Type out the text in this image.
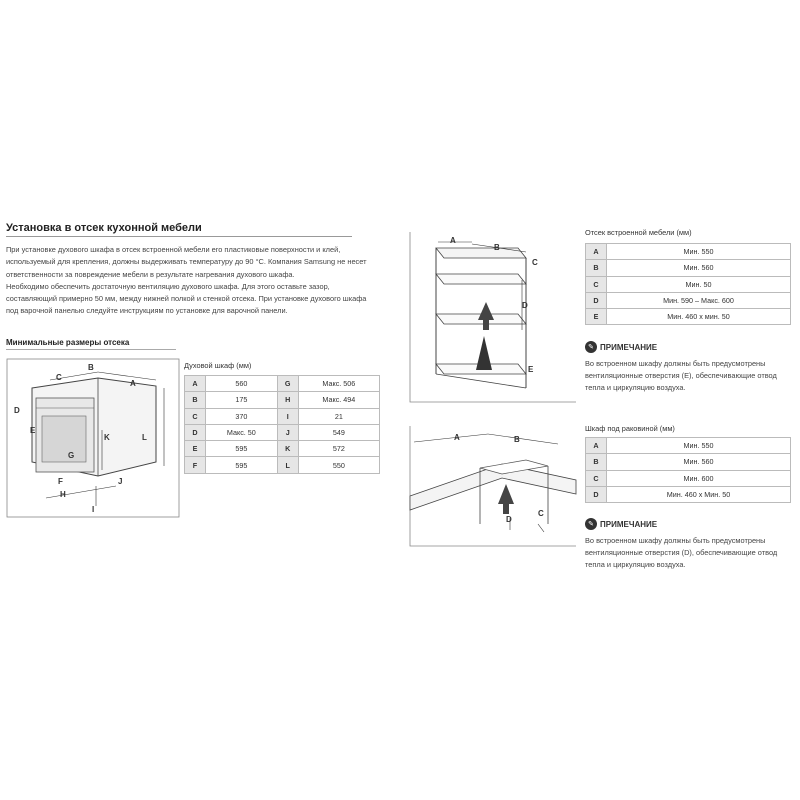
Установка в отсек кухонной мебели

При установке духового шкафа в отсек встроенной мебели его пластиковые поверхности и клей,

используемый для крепления, должны выдерживать температуру до 90 °C. Компания Samsung не несет

ответственности за повреждение мебели в результате нагревания духового шкафа.

Необходимо обеспечить достаточную вентиляцию духового шкафа. Для этого оставьте зазор,

составляющий примерно 50 мм, между нижней полкой и стенкой отсека. При установке духового шкафа

под варочной панелью следуйте инструкциям по установке для варочной панели.

Минимальные размеры отсека
B
C
A
D
E
G
K	L
F
H
J
I
Духовой шкаф (мм)
A	560	G	Макс. 506
B	175	H	Макс. 494
C	370	I	21
D	Макс. 50	J	549
E	595	K	572
F	595	L	550
A
B
C
D
E
Отсек встроенной мебели (мм)
A	Мин. 550
B	Мин. 560
C	Мин. 50
D	Мин. 590 – Макс. 600
E	Мин. 460 x мин. 50
✎ ПРИМЕЧАНИЕ
Во встроенном шкафу должны быть предусмотрены
вентиляционные отверстия (E), обеспечивающие отвод
тепла и циркуляцию воздуха.
A	B
D
C
Шкаф под раковиной (мм)
A	Мин. 550
B	Мин. 560
C	Мин. 600
D	Мин. 460 x Мин. 50
✎ ПРИМЕЧАНИЕ
Во встроенном шкафу должны быть предусмотрены
вентиляционные отверстия (D), обеспечивающие отвод
тепла и циркуляцию воздуха.
